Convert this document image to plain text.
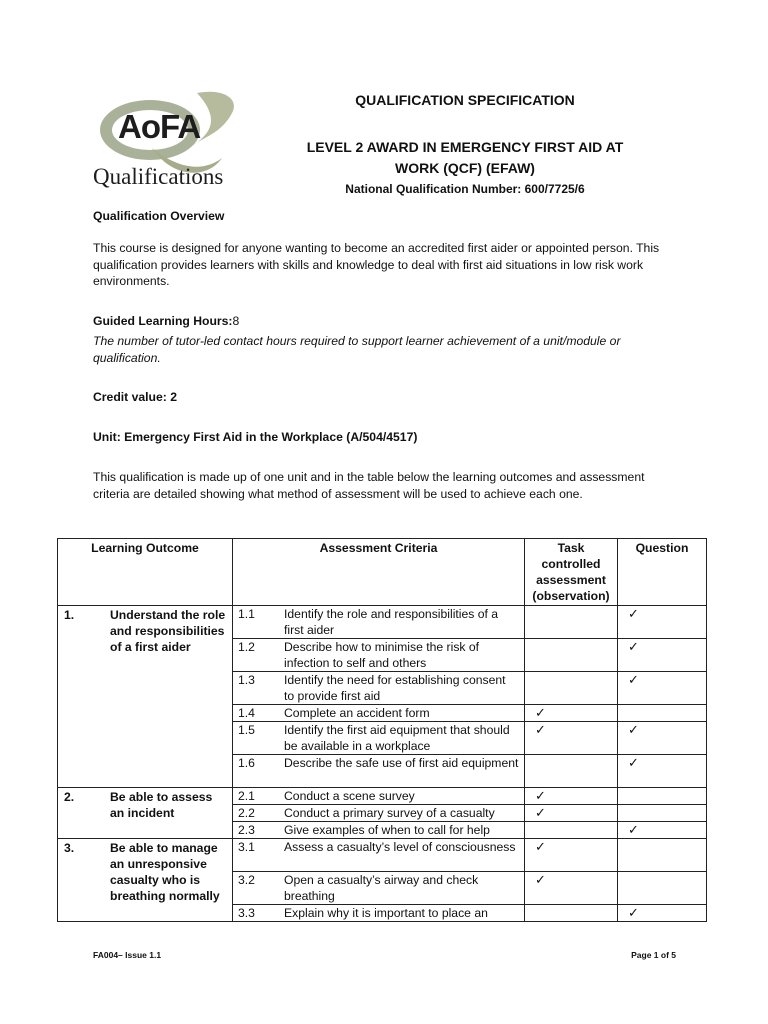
AoFA
Qualifications
QUALIFICATION SPECIFICATION
LEVEL 2 AWARD IN EMERGENCY FIRST AID AT
WORK (QCF) (EFAW)
National Qualification Number: 600/7725/6
Qualification Overview
This course is designed for anyone wanting to become an accredited first aider or appointed person. This qualification provides learners with skills and knowledge to deal with first aid situations in low risk work environments.
Guided Learning Hours:8
The number of tutor-led contact hours required to support learner achievement of a unit/module or qualification.
Credit value: 2
Unit: Emergency First Aid in the Workplace (A/504/4517)
This qualification is made up of one unit and in the table below the learning outcomes and assessment criteria are detailed showing what method of assessment will be used to achieve each one.
Learning Outcome	Assessment Criteria	Task controlled assessment (observation)	Question

1. Understand the role and responsibilities of a first aider	1.1 Identify the role and responsibilities of a first aider		✓

	1.2 Describe how to minimise the risk of infection to self and others		✓

	1.3 Identify the need for establishing consent to provide first aid		✓

	1.4 Complete an accident form	✓	

	1.5 Identify the first aid equipment that should be available in a workplace	✓	✓

	1.6 Describe the safe use of first aid equipment		✓

2. Be able to assess an incident	2.1 Conduct a scene survey	✓	

	2.2 Conduct a primary survey of a casualty	✓	

	2.3 Give examples of when to call for help		✓

3. Be able to manage an unresponsive casualty who is breathing normally	3.1 Assess a casualty’s level of consciousness	✓	

	3.2 Open a casualty’s airway and check breathing	✓	

	3.3 Explain why it is important to place an		✓
FA004– Issue 1.1	Page 1 of 5
